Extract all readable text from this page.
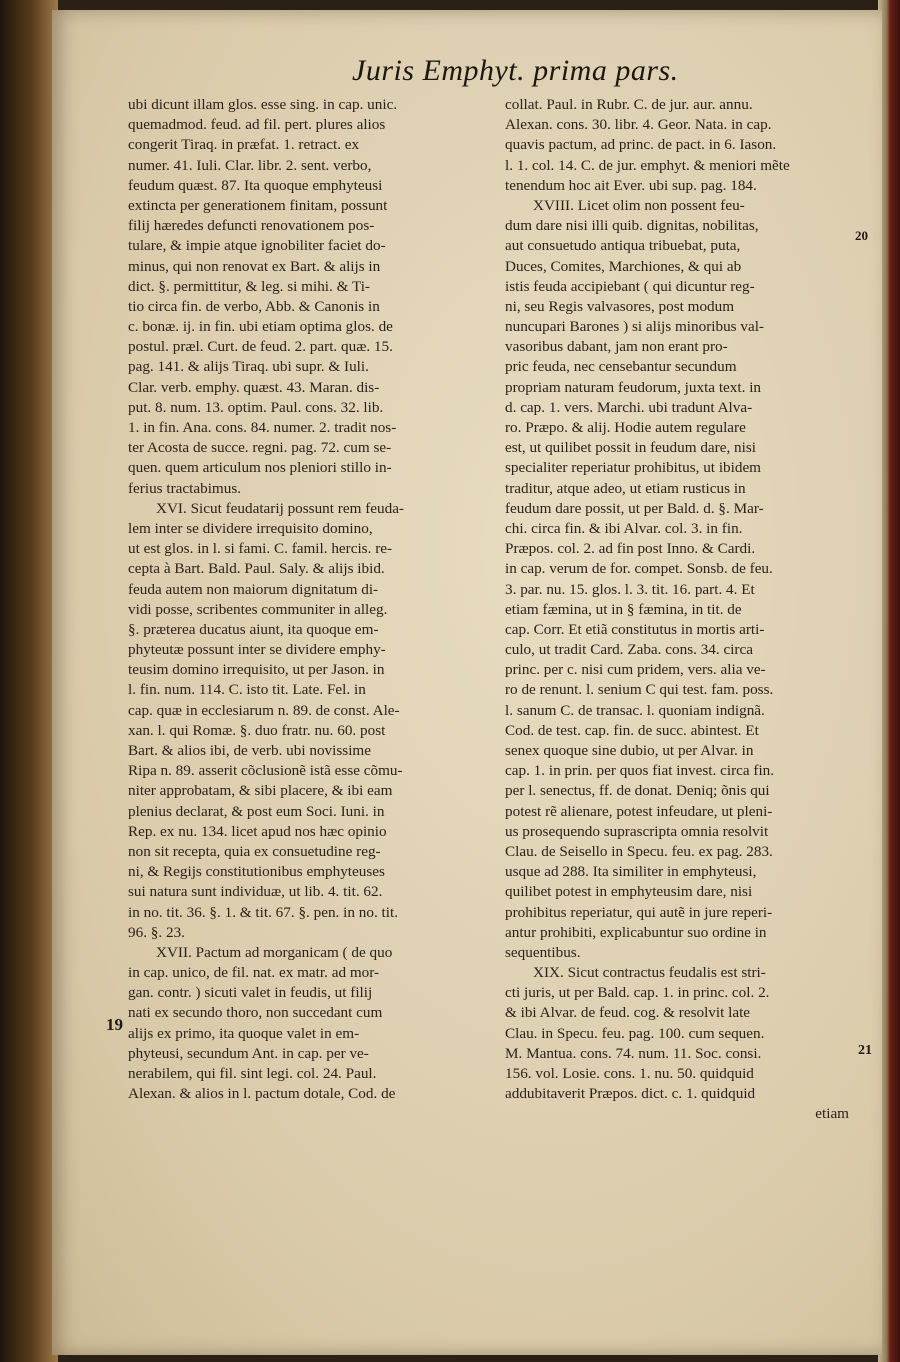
Juris Emphyt. prima pars.
ubi dicunt illam glos. esse sing. in cap. unic.
quemadmod. feud. ad fil. pert. plures alios
congerit Tiraq. in præfat. 1. retract. ex
numer. 41. Iuli. Clar. libr. 2. sent. verbo,
feudum quæst. 87. Ita quoque emphyteusi
extincta per generationem finitam, possunt
filij hæredes defuncti renovationem pos-
tulare, & impie atque ignobiliter faciet do-
minus, qui non renovat ex Bart. & alijs in
dict. §. permittitur, & leg. si mihi. & Ti-
tio circa fin. de verbo, Abb. & Canonis in
c. bonæ. ij. in fin. ubi etiam optima glos. de
postul. præl. Curt. de feud. 2. part. quæ. 15.
pag. 141. & alijs Tiraq. ubi supr. & Iuli.
Clar. verb. emphy. quæst. 43. Maran. dis-
put. 8. num. 13. optim. Paul. cons. 32. lib.
1. in fin. Ana. cons. 84. numer. 2. tradit nos-
ter Acosta de succe. regni. pag. 72. cum se-
quen. quem articulum nos pleniori stillo in-
ferius tractabimus.
XVI. Sicut feudatarij possunt rem feuda-
lem inter se dividere irrequisito domino,
ut est glos. in l. si fami. C. famil. hercis. re-
cepta à Bart. Bald. Paul. Saly. & alijs ibid.
feuda autem non maiorum dignitatum di-
vidi posse, scribentes communiter in alleg.
§. præterea ducatus aiunt, ita quoque em-
phyteutæ possunt inter se dividere emphy-
teusim domino irrequisito, ut per Jason. in
l. fin. num. 114. C. isto tit. Late. Fel. in
cap. quæ in ecclesiarum n. 89. de const. Ale-
xan. l. qui Romæ. §. duo fratr. nu. 60. post
Bart. & alios ibi, de verb. ubi novissime
Ripa n. 89. asserit cõclusionẽ istã esse cõmu-
niter approbatam, & sibi placere, & ibi eam
plenius declarat, & post eum Soci. Iuni. in
Rep. ex nu. 134. licet apud nos hæc opinio
non sit recepta, quia ex consuetudine reg-
ni, & Regijs constitutionibus emphyteuses
sui natura sunt individuæ, ut lib. 4. tit. 62.
in no. tit. 36. §. 1. & tit. 67. §. pen. in no. tit.
96. §. 23.
XVII. Pactum ad morganicam ( de quo
in cap. unico, de fil. nat. ex matr. ad mor-
gan. contr. ) sicuti valet in feudis, ut filij
nati ex secundo thoro, non succedant cum
alijs ex primo, ita quoque valet in em-
phyteusi, secundum Ant. in cap. per ve-
nerabilem, qui fil. sint legi. col. 24. Paul.
Alexan. & alios in l. pactum dotale, Cod. de
collat. Paul. in Rubr. C. de jur. aur. annu.
Alexan. cons. 30. libr. 4. Geor. Nata. in cap.
quavis pactum, ad princ. de pact. in 6. Iason.
l. 1. col. 14. C. de jur. emphyt. & meniori mẽte
tenendum hoc ait Ever. ubi sup. pag. 184.
XVIII. Licet olim non possent feu-
dum dare nisi illi quib. dignitas, nobilitas,
aut consuetudo antiqua tribuebat, puta,
Duces, Comites, Marchiones, & qui ab
istis feuda accipiebant ( qui dicuntur reg-
ni, seu Regis valvasores, post modum
nuncupari Barones ) si alijs minoribus val-
vasoribus dabant, jam non erant pro-
pric feuda, nec censebantur secundum
propriam naturam feudorum, juxta text. in
d. cap. 1. vers. Marchi. ubi tradunt Alva-
ro. Præpo. & alij. Hodie autem regulare
est, ut quilibet possit in feudum dare, nisi
specialiter reperiatur prohibitus, ut ibidem
traditur, atque adeo, ut etiam rusticus in
feudum dare possit, ut per Bald. d. §. Mar-
chi. circa fin. & ibi Alvar. col. 3. in fin.
Præpos. col. 2. ad fin post Inno. & Cardi.
in cap. verum de for. compet. Sonsb. de feu.
3. par. nu. 15. glos. l. 3. tit. 16. part. 4. Et
etiam fæmina, ut in § fæmina, in tit. de
cap. Corr. Et etiã constitutus in mortis arti-
culo, ut tradit Card. Zaba. cons. 34. circa
princ. per c. nisi cum pridem, vers. alia ve-
ro de renunt. l. senium C qui test. fam. poss.
l. sanum C. de transac. l. quoniam indignã.
Cod. de test. cap. fin. de succ. abintest. Et
senex quoque sine dubio, ut per Alvar. in
cap. 1. in prin. per quos fiat invest. circa fin.
per l. senectus, ff. de donat. Deniq; õnis qui
potest rẽ alienare, potest infeudare, ut pleni-
us prosequendo suprascripta omnia resolvit
Clau. de Seisello in Specu. feu. ex pag. 283.
usque ad 288. Ita similiter in emphyteusi,
quilibet potest in emphyteusim dare, nisi
prohibitus reperiatur, qui autẽ in jure reperi-
antur prohibiti, explicabuntur suo ordine in
sequentibus.
XIX. Sicut contractus feudalis est stri-
cti juris, ut per Bald. cap. 1. in princ. col. 2.
& ibi Alvar. de feud. cog. & resolvit late
Clau. in Specu. feu. pag. 100. cum sequen.
M. Mantua. cons. 74. num. 11. Soc. consi.
156. vol. Losie. cons. 1. nu. 50. quidquid
addubitaverit Præpos. dict. c. 1. quidquid
etiam
19
20
21
